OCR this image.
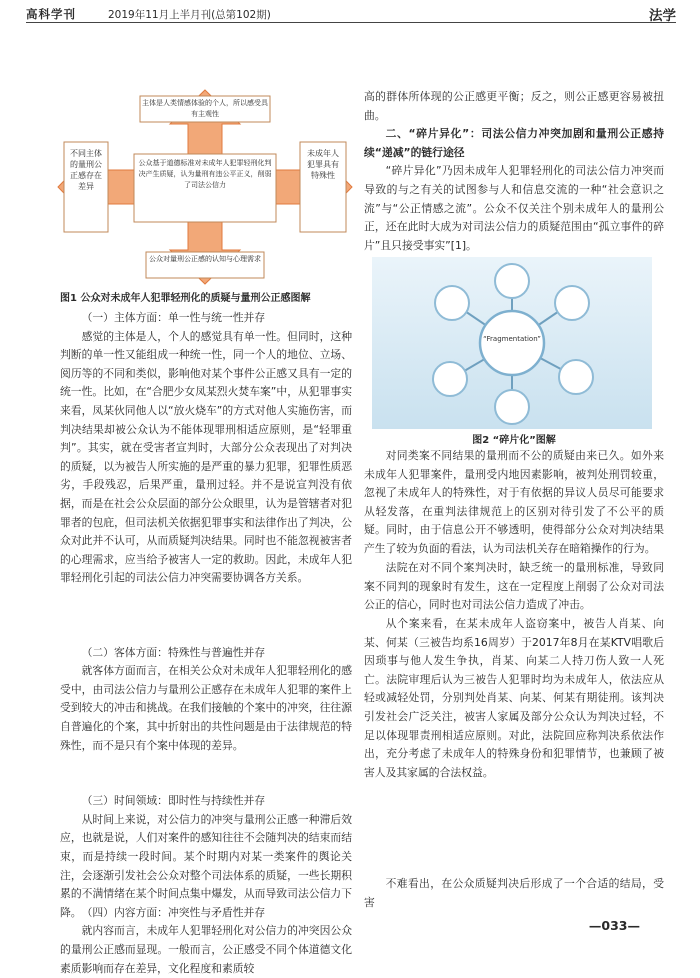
高科学刊	2019年11月上半月刊(总第102期)	法学
主体是人类情感体验的个人，所以感受具有主观性
公众基于道德标准对未成年人犯罪轻刑化判决产生质疑，认为量刑有违公平正义，削弱了司法公信力
不同主体的量刑公正感存在差异
未成年人犯罪具有特殊性
公众对量刑公正感的认知与心理需求
图1 公众对未成年人犯罪轻刑化的质疑与量刑公正感图解

（一）主体方面：单一性与统一性并存

感觉的主体是人，个人的感觉具有单一性。但同时，这种判断的单一性又能组成一种统一性，同一个人的地位、立场、阅历等的不同和类似，影响他对某个事件公正感又具有一定的统一性。比如，在“合肥少女凤某烈火焚车案”中，从犯罪事实来看，凤某伙同他人以“放火烧车”的方式对他人实施伤害，而判决结果却被公众认为不能体现罪刑相适应原则，是“轻罪重判”。其实，就在受害者宣判时，大部分公众表现出了对判决的质疑，以为被告人所实施的是严重的暴力犯罪，犯罪性质恶劣，手段残忍，后果严重，量刑过轻。并不是说宣判没有依据，而是在社会公众层面的部分公众眼里，认为是管辖者对犯罪者的包庇，但司法机关依据犯罪事实和法律作出了判决，公众对此并不认可，从而质疑判决结果。同时也不能忽视被害者的心理需求，应当给予被害人一定的救助。因此，未成年人犯罪轻刑化引起的司法公信力冲突需要协调各方关系。

（二）客体方面：特殊性与普遍性并存

就客体方面而言，在相关公众对未成年人犯罪轻刑化的感受中，由司法公信力与量刑公正感存在未成年人犯罪的案件上受到较大的冲击和挑战。在我们接触的个案中的冲突，往往源自普遍化的个案，其中折射出的共性问题是由于法律规范的特殊性，而不是只有个案中体现的差异。

（三）时间领域：即时性与持续性并存

从时间上来说，对公信力的冲突与量刑公正感一种滞后效应，也就是说，人们对案件的感知往往不会随判决的结束而结束，而是持续一段时间。某个时期内对某一类案件的舆论关注，会逐渐引发社会公众对整个司法体系的质疑，一些长期积累的不满情绪在某个时间点集中爆发，从而导致司法公信力下降。 （四）内容方面：冲突性与矛盾性并存

就内容而言，未成年人犯罪轻刑化对公信力的冲突因公众的量刑公正感而显现。一般而言，公正感受不同个体道德文化素质影响而存在差异，文化程度和素质较

高的群体所体现的公正感更平衡；反之，则公正感更容易被扭曲。

二、“碎片异化”：司法公信力冲突加剧和量刑公正感持续“递减”的链行途径

“碎片异化”乃因未成年人犯罪轻刑化的司法公信力冲突而导致的与之有关的试图参与人和信息交流的一种“社会意识之流”与“公正情感之流”。公众不仅关注个别未成年人的量刑公正，还在此时大成为对司法公信力的质疑范围由“孤立事件的碎片”且只接受事实”[1]。

“Fragmentation”
图2 “碎片化”图解

对同类案不同结果的量刑而不公的质疑由来已久。如外来未成年人犯罪案件，量刑受内地因素影响，被判处刑罚较重，忽视了未成年人的特殊性，对于有依据的异议人员尽可能要求从轻发落，在重判法律规范上的区别对待引发了不公平的质疑。同时，由于信息公开不够透明，使得部分公众对判决结果产生了较为负面的看法，认为司法机关存在暗箱操作的行为。

法院在对不同个案判决时，缺乏统一的量刑标准，导致同案不同判的现象时有发生，这在一定程度上削弱了公众对司法公正的信心，同时也对司法公信力造成了冲击。

从个案来看，在某未成年人盗窃案中，被告人肖某、向某、何某（三被告均系16周岁）于2017年8月在某KTV唱歌后因琐事与他人发生争执，肖某、向某二人持刀伤人致一人死亡。法院审理后认为三被告人犯罪时均为未成年人，依法应从轻或减轻处罚，分别判处肖某、向某、何某有期徒刑。该判决引发社会广泛关注，被害人家属及部分公众认为判决过轻，不足以体现罪责刑相适应原则。对此，法院回应称判决系依法作出，充分考虑了未成年人的特殊身份和犯罪情节，也兼顾了被害人及其家属的合法权益。

不难看出，在公众质疑判决后形成了一个合适的结局，受害

—033—
